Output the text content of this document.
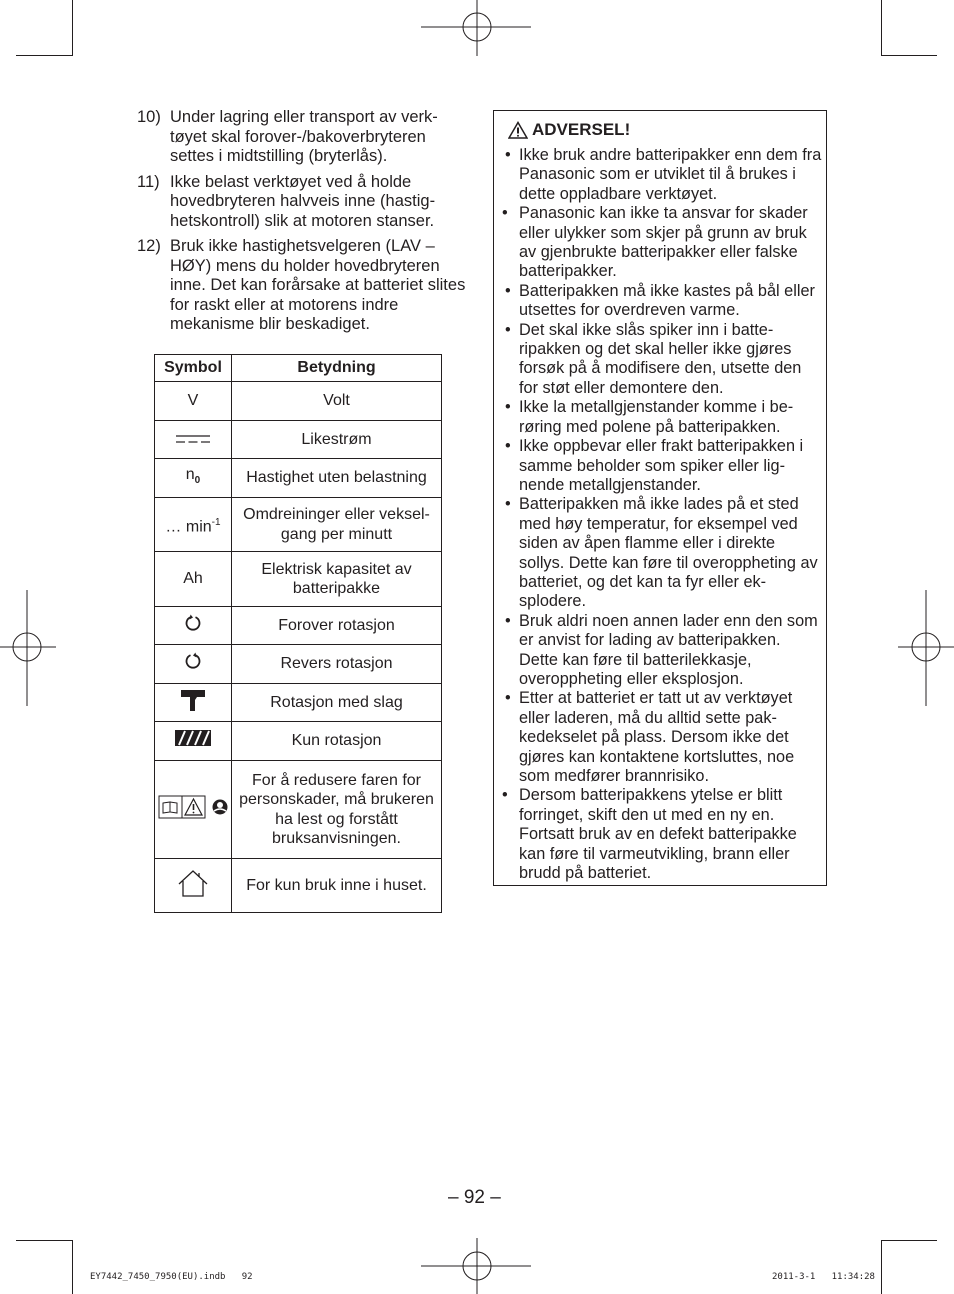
10) Under lagring eller transport av verktøyet skal forover-/bakoverbryteren settes i midtstilling (bryterlås).
11) Ikke belast verktøyet ved å holde hovedbryteren halvveis inne (hastighetskontroll) slik at motoren stanser.
12) Bruk ikke hastighetsvelgeren (LAV – HØY) mens du holder hovedbryteren inne. Det kan forårsake at batteriet slites for raskt eller at motorens indre mekanisme blir beskadiget.
Symbol	Betydning
V	Volt
	Likestrøm
$n_0$	Hastighet uten belastning
… $\min^{-1}$	Omdreininger eller vekselgang per minutt
Ah	Elektrisk kapasitet av batteripakke
	Forover rotasjon
	Revers rotasjon
	Rotasjon med slag
	Kun rotasjon
	For å redusere faren for personskader, må brukeren ha lest og forstått bruksanvisningen.
	For kun bruk inne i huset.
ADVERSEL!
• Ikke bruk andre batteripakker enn dem fra Panasonic som er utviklet til å brukes i dette oppladbare verktøyet.
• Panasonic kan ikke ta ansvar for skader eller ulykker som skjer på grunn av bruk av gjenbrukte batteripakker eller falske batteripakker.
• Batteripakken må ikke kastes på bål eller utsettes for overdreven varme.
• Det skal ikke slås spiker inn i batteripakken og det skal heller ikke gjøres forsøk på å modifisere den, utsette den for støt eller demontere den.
• Ikke la metallgjenstander komme i berøring med polene på batteripakken.
• Ikke oppbevar eller frakt batteripakken i samme beholder som spiker eller lignende metallgjenstander.
• Batteripakken må ikke lades på et sted med høy temperatur, for eksempel ved siden av åpen flamme eller i direkte sollys. Dette kan føre til overoppheting av batteriet, og det kan ta fyr eller eksplodere.
• Bruk aldri noen annen lader enn den som er anvist for lading av batteripakken. Dette kan føre til batterilekkasje, overoppheting eller eksplosjon.
• Etter at batteriet er tatt ut av verktøyet eller laderen, må du alltid sette pakkedekselet på plass. Dersom ikke det gjøres kan kontaktene kortsluttes, noe som medfører brannrisiko.
• Dersom batteripakkens ytelse er blitt forringet, skift den ut med en ny en. Fortsatt bruk av en defekt batteripakke kan føre til varmeutvikling, brann eller brudd på batteriet.
– 92 –
EY7442_7450_7950(EU).indb   92	2011-3-1   11:34:28
